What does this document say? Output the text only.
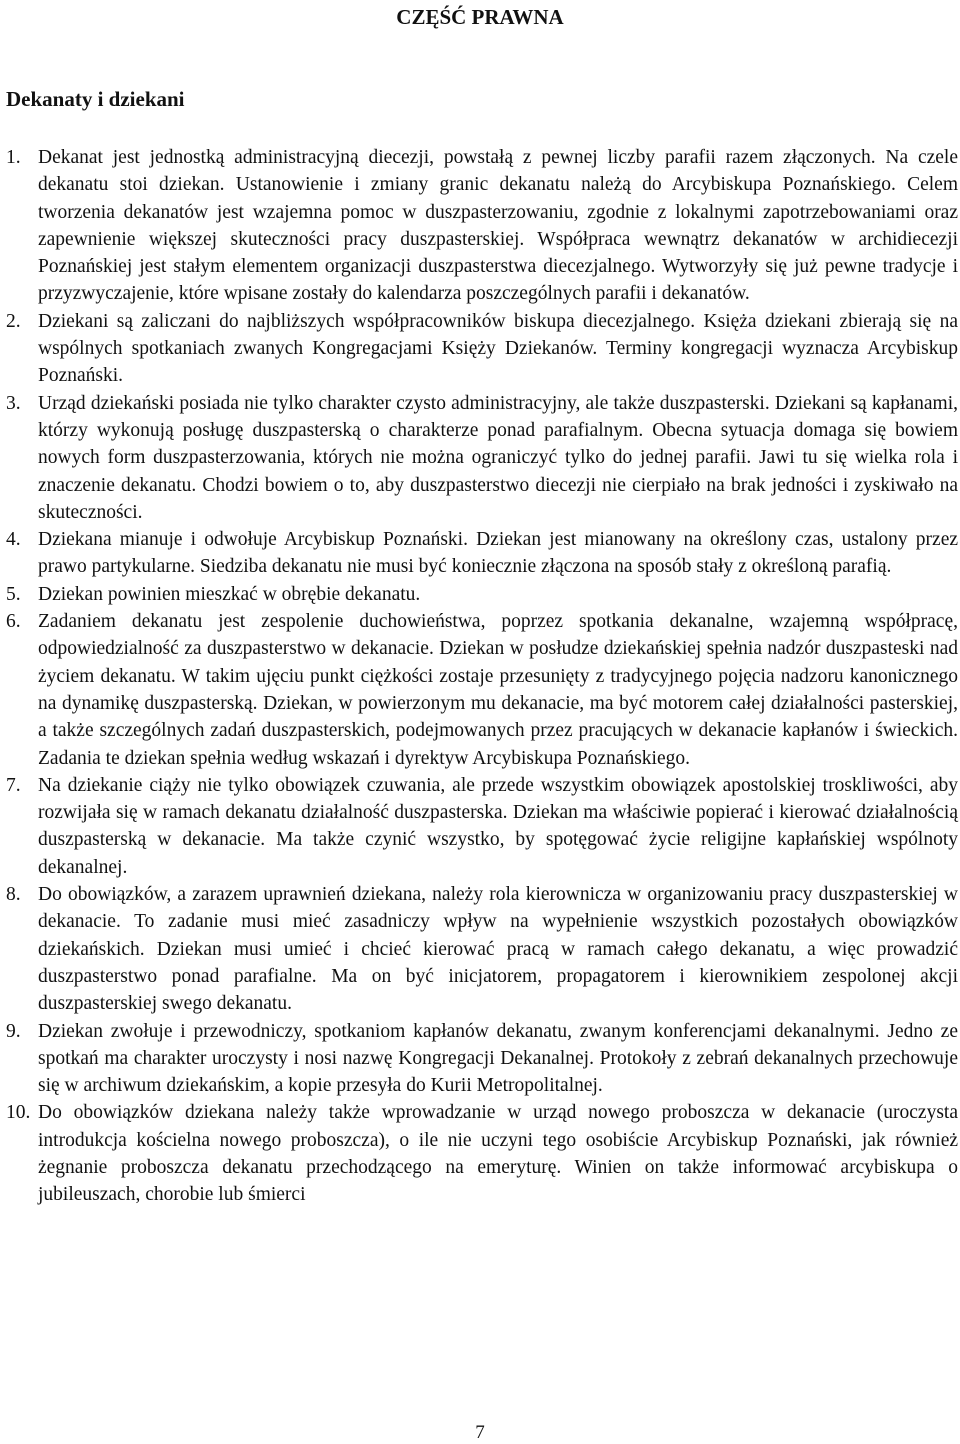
CZĘŚĆ PRAWNA
Dekanaty i dziekani
1. Dekanat jest jednostką administracyjną diecezji, powstałą z pewnej liczby parafii razem złączonych. Na czele dekanatu stoi dziekan. Ustanowienie i zmiany granic dekanatu należą do Arcybiskupa Poznańskiego. Celem tworzenia dekanatów jest wzajemna pomoc w duszpasterzowaniu, zgodnie z lokalnymi zapotrzebowaniami oraz zapewnienie większej skuteczności pracy duszpasterskiej. Współpraca wewnątrz dekanatów w archidiecezji Poznańskiej jest stałym elementem organizacji duszpasterstwa diecezjalnego. Wytworzyły się już pewne tradycje i przyzwyczajenie, które wpisane zostały do kalendarza poszczególnych parafii i dekanatów.
2. Dziekani są zaliczani do najbliższych współpracowników biskupa diecezjalnego. Księża dziekani zbierają się na wspólnych spotkaniach zwanych Kongregacjami Księży Dziekanów. Terminy kongregacji wyznacza Arcybiskup Poznański.
3. Urząd dziekański posiada nie tylko charakter czysto administracyjny, ale także duszpasterski. Dziekani są kapłanami, którzy wykonują posługę duszpasterską o charakterze ponad parafialnym. Obecna sytuacja domaga się bowiem nowych form duszpasterzowania, których nie można ograniczyć tylko do jednej parafii. Jawi tu się wielka rola i znaczenie dekanatu. Chodzi bowiem o to, aby duszpasterstwo diecezji nie cierpiało na brak jedności i zyskiwało na skuteczności.
4. Dziekana mianuje i odwołuje Arcybiskup Poznański. Dziekan jest mianowany na określony czas, ustalony przez prawo partykularne. Siedziba dekanatu nie musi być koniecznie złączona na sposób stały z określoną parafią.
5. Dziekan powinien mieszkać w obrębie dekanatu.
6. Zadaniem dekanatu jest zespolenie duchowieństwa, poprzez spotkania dekanalne, wzajemną współpracę, odpowiedzialność za duszpasterstwo w dekanacie. Dziekan w posłudze dziekańskiej spełnia nadzór duszpasteski nad życiem dekanatu. W takim ujęciu punkt ciężkości zostaje przesunięty z tradycyjnego pojęcia nadzoru kanonicznego na dynamikę duszpasterską. Dziekan, w powierzonym mu dekanacie, ma być motorem całej działalności pasterskiej, a także szczególnych zadań duszpasterskich, podejmowanych przez pracujących w dekanacie kapłanów i świeckich. Zadania te dziekan spełnia według wskazań i dyrektyw Arcybiskupa Poznańskiego.
7. Na dziekanie ciąży nie tylko obowiązek czuwania, ale przede wszystkim obowiązek apostolskiej troskliwości, aby rozwijała się w ramach dekanatu działalność duszpasterska. Dziekan ma właściwie popierać i kierować działalnością duszpasterską w dekanacie. Ma także czynić wszystko, by spotęgować życie religijne kapłańskiej wspólnoty dekanalnej.
8. Do obowiązków, a zarazem uprawnień dziekana, należy rola kierownicza w organizowaniu pracy duszpasterskiej w dekanacie. To zadanie musi mieć zasadniczy wpływ na wypełnienie wszystkich pozostałych obowiązków dziekańskich. Dziekan musi umieć i chcieć kierować pracą w ramach całego dekanatu, a więc prowadzić duszpasterstwo ponad parafialne. Ma on być inicjatorem, propagatorem i kierownikiem zespolonej akcji duszpasterskiej swego dekanatu.
9. Dziekan zwołuje i przewodniczy, spotkaniom kapłanów dekanatu, zwanym konferencjami dekanalnymi. Jedno ze spotkań ma charakter uroczysty i nosi nazwę Kongregacji Dekanalnej. Protokoły z zebrań dekanalnych przechowuje się w archiwum dziekańskim, a kopie przesyła do Kurii Metropolitalnej.
10. Do obowiązków dziekana należy także wprowadzanie w urząd nowego proboszcza w dekanacie (uroczysta introdukcja kościelna nowego proboszcza), o ile nie uczyni tego osobiście Arcybiskup Poznański, jak również żegnanie proboszcza dekanatu przechodzącego na emeryturę. Winien on także informować arcybiskupa o jubileuszach, chorobie lub śmierci
7
